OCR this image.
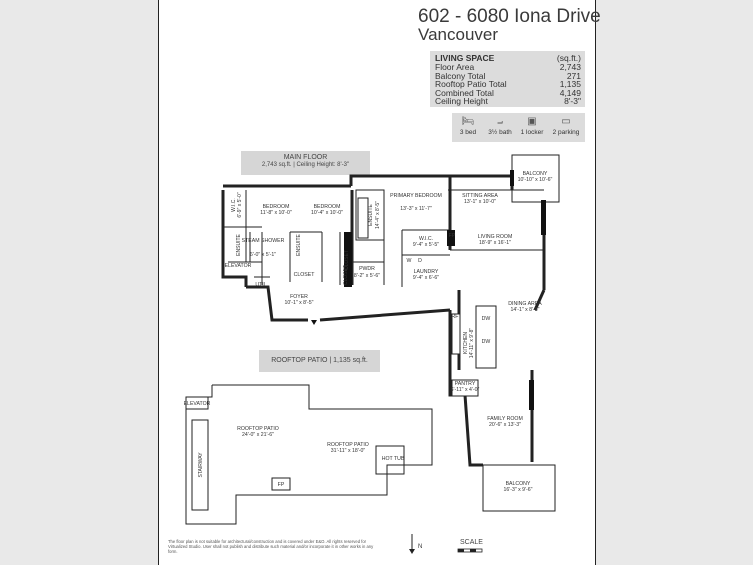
602 - 6080 Iona Drive
Vancouver
LIVING SPACE	(sq.ft.)
Floor Area	2,743
Balcony Total	271
Rooftop Patio Total	1,135
Combined Total	4,149
Ceiling Height	8'-3"
🛏︎
3 bed
⨼
3½ bath
▣
1 locker
▭
2 parking
MAIN FLOOR
2,743 sq.ft. | Ceiling Height: 8'-3"
ROOFTOP PATIO | 1,135 sq.ft.
BALCONY
10'-10" x 10'-6"
SITTING AREA
13'-1" x 10'-0"
PRIMARY BEDROOM
13'-3" x 11'-7"
BEDROOM
11'-8" x 10'-0"
BEDROOM
10'-4" x 10'-0"
STEAM SHOWER
6'-0" x 5'-1"
CLOSET
PWDR
8'-2" x 5'-6"
W.I.C.
9'-4" x 5'-5"
LAUNDRY
9'-4" x 6'-6"
LIVING ROOM
18'-9" x 16'-1"
ELEVATOR
UTIL
FOYER
10'-1" x 8'-5"	DINING AREA
14'-1" x 8'-8"
PANTRY
6'-11" x 4'-0"
FAMILY ROOM
20'-6" x 13'-3"
BALCONY
16'-3" x 9'-6"
ELEVATOR
ROOFTOP PATIO
24'-0" x 21'-6"
ROOFTOP PATIO
31'-11" x 18'-0"
HOT TUB
FP
FP
DW
DW
RF
W D
W.I.C. 6'-9" x 5'-0"
ENSUITE	ENSUITE
ENSUITE 14'-4" x 8'-5"
CLOSET
CLOSET
KITCHEN 14'-11" x 9'-8"
STAIRWAY
N
The floor plan is not suitable for architectural/construction and is covered under E&O. All rights reserved for Virtualized Studio. User shall not publish and distribute such material and/or incorporate it in other works in any form.
SCALE
